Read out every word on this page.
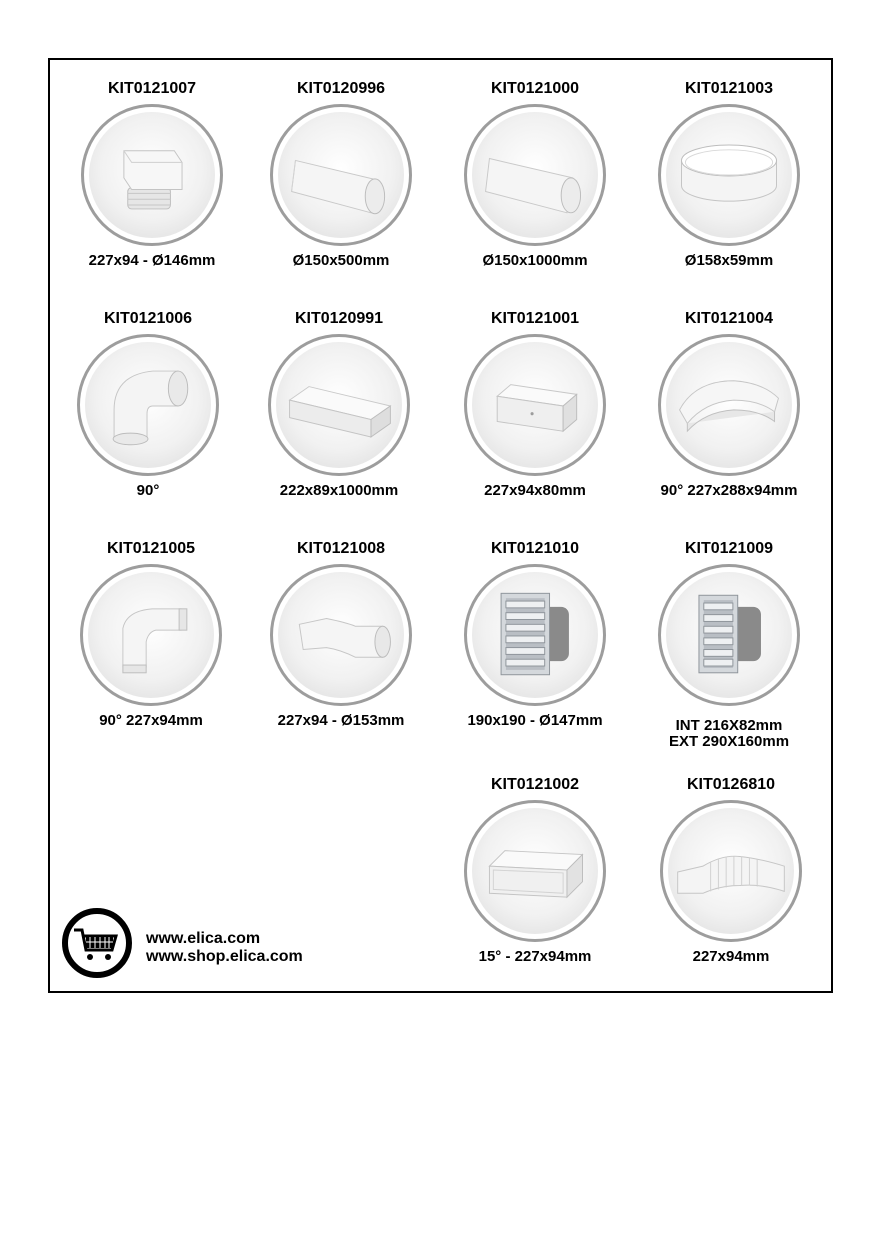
KIT0121007
227x94 - Ø146mm
KIT0120996
Ø150x500mm
KIT0121000
Ø150x1000mm
KIT0121003
Ø158x59mm
KIT0121006
90°
KIT0120991
222x89x1000mm
KIT0121001
227x94x80mm
KIT0121004
90° 227x288x94mm
KIT0121005
90° 227x94mm
KIT0121008
227x94 - Ø153mm
KIT0121010
190x190 - Ø147mm
KIT0121009
INT 216X82mm
EXT 290X160mm
KIT0121002
15° - 227x94mm
KIT0126810
227x94mm
www.elica.com
www.shop.elica.com
